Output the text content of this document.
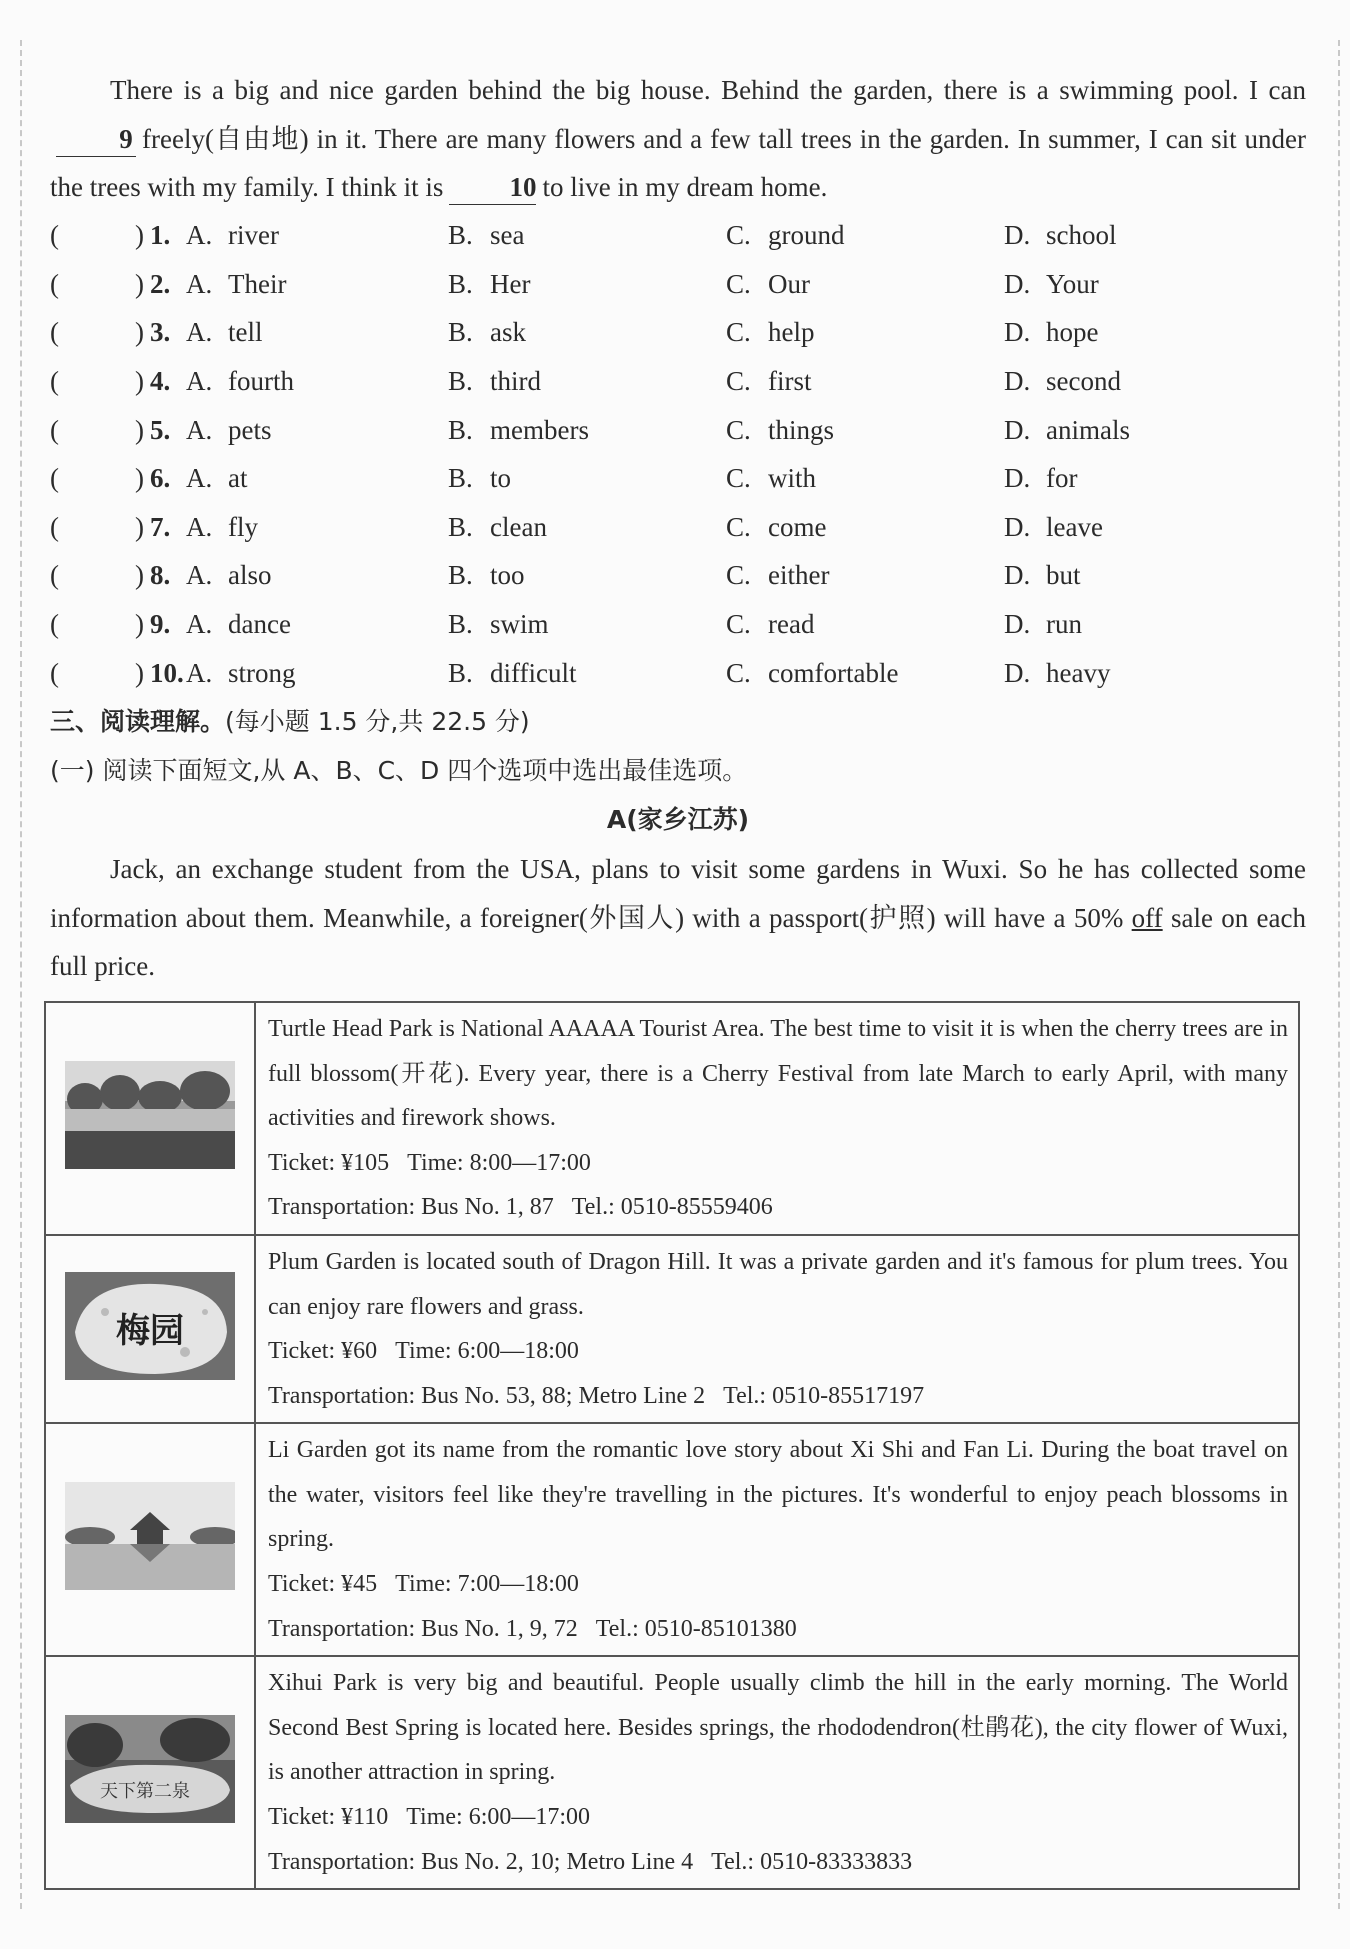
There is a big and nice garden behind the big house. Behind the garden, there is a swimming pool. I can9 freely(自由地) in it. There are many flowers and a few tall trees in the garden. In summer, I can sit under the trees with my family. I think it is 10 to live in my dream home.

(	) 1. A. river	B. sea	C. ground	D. school
(	) 2. A. Their	B. Her	C. Our	D. Your
(	) 3. A. tell	B. ask	C. help	D. hope
(	) 4. A. fourth	B. third	C. first	D. second
(	) 5. A. pets	B. members	C. things	D. animals
(	) 6. A. at	B. to	C. with	D. for
(	) 7. A. fly	B. clean	C. come	D. leave
(	) 8. A. also	B. too	C. either	D. but
(	) 9. A. dance	B. swim	C. read	D. run
(	) 10. A. strong	B. difficult	C. comfortable	D. heavy
三、阅读理解。(每小题 1.5 分,共 22.5 分)
(一) 阅读下面短文,从 A、B、C、D 四个选项中选出最佳选项。
A(家乡江苏)

Jack, an exchange student from the USA, plans to visit some gardens in Wuxi. So he has collected some information about them. Meanwhile, a foreigner(外国人) with a passport(护照) will have a 50% off sale on each full price.

Turtle Head Park is National AAAAA Tourist Area. The best time to visit it is when the cherry trees are in full blossom(开花). Every year, there is a Cherry Festival from late March to early April, with many activities and firework shows.
Ticket: ¥105 Time: 8:00—17:00
Transportation: Bus No. 1, 87 Tel.: 0510-85559406

梅园	Plum Garden is located south of Dragon Hill. It was a private garden and it's famous for plum trees. You can enjoy rare flowers and grass.
Ticket: ¥60 Time: 6:00—18:00
Transportation: Bus No. 53, 88; Metro Line 2 Tel.: 0510-85517197

Li Garden got its name from the romantic love story about Xi Shi and Fan Li. During the boat travel on the water, visitors feel like they're travelling in the pictures. It's wonderful to enjoy peach blossoms in spring.
Ticket: ¥45 Time: 7:00—18:00
Transportation: Bus No. 1, 9, 72 Tel.: 0510-85101380

天下第二泉	Xihui Park is very big and beautiful. People usually climb the hill in the early morning. The World Second Best Spring is located here. Besides springs, the rhododendron(杜鹃花), the city flower of Wuxi, is another attraction in spring.
Ticket: ¥110 Time: 6:00—17:00
Transportation: Bus No. 2, 10; Metro Line 4 Tel.: 0510-83333833
